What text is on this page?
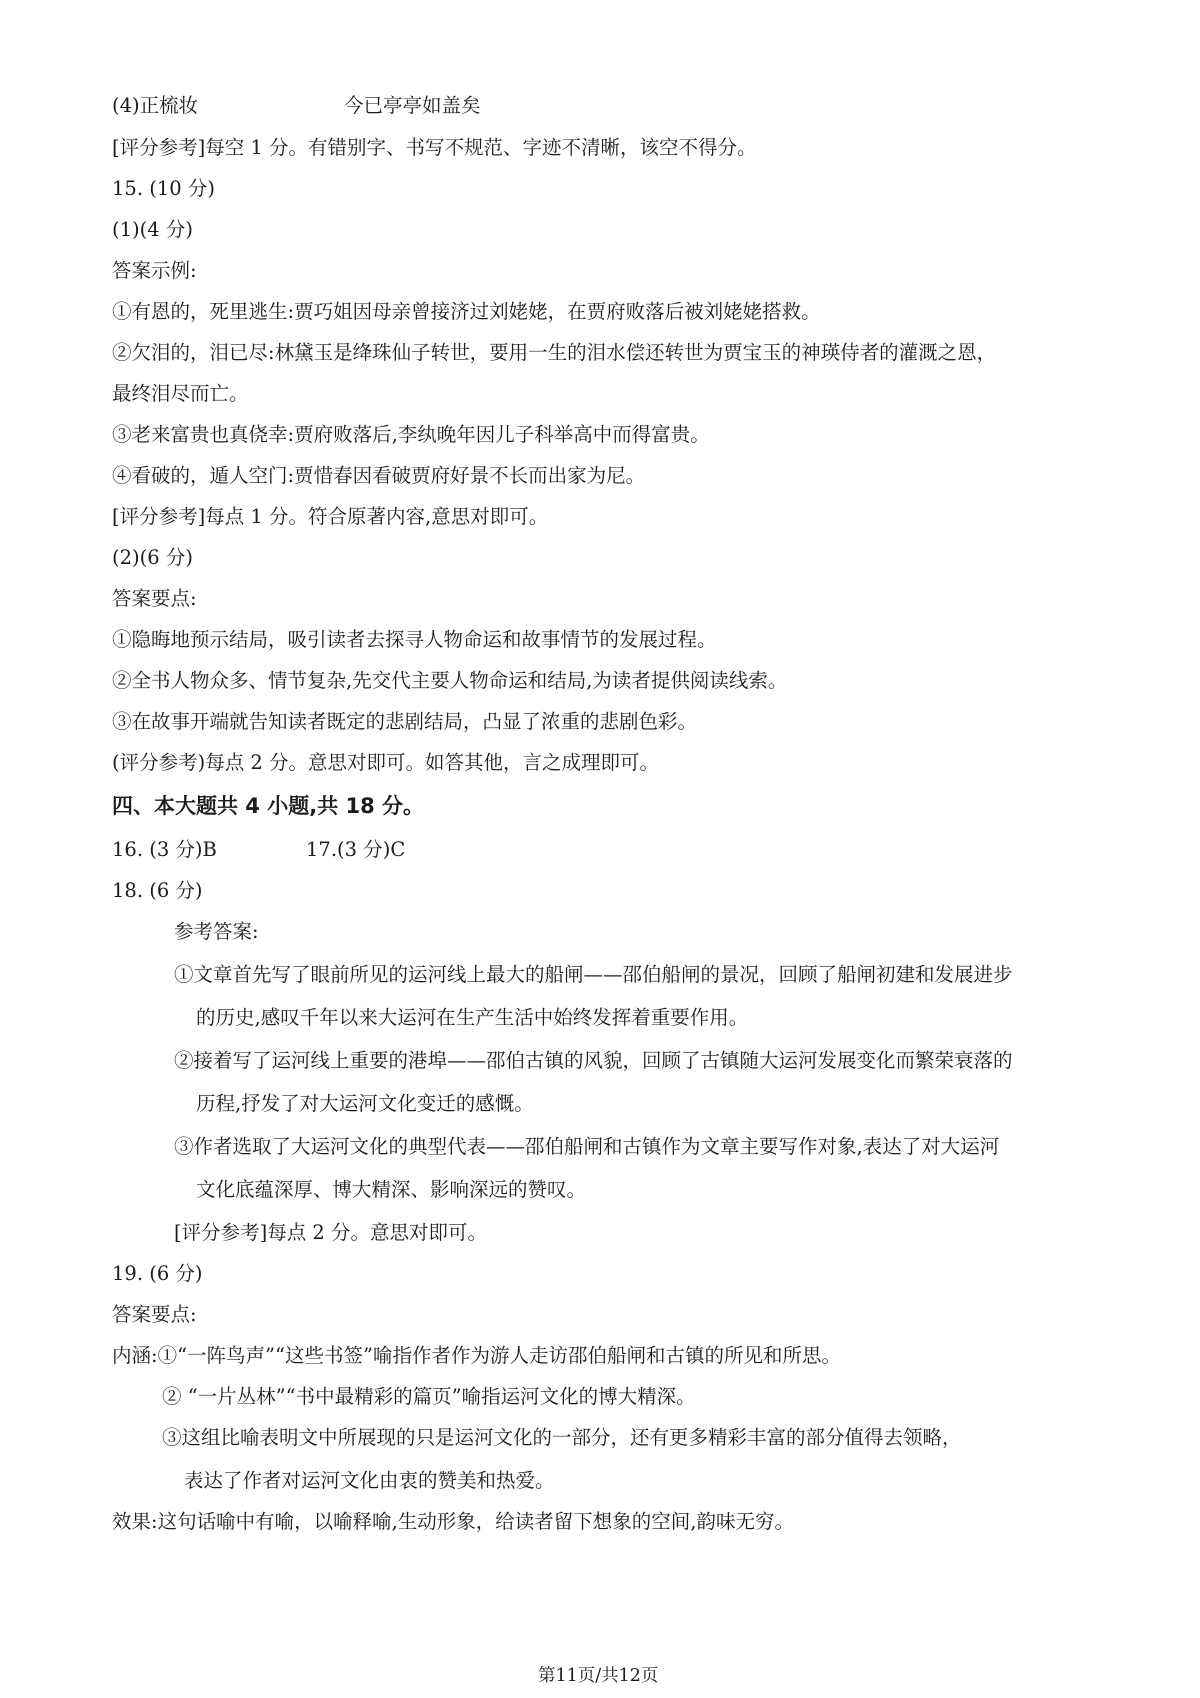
(4)正梳妆	今已亭亭如盖矣
[评分参考]每空 1 分。有错别字、书写不规范、字迹不清晰，该空不得分。
15. (10 分)
(1)(4 分)
答案示例:
①有恩的，死里逃生:贾巧姐因母亲曾接济过刘姥姥，在贾府败落后被刘姥姥搭救。
②欠泪的，泪已尽:林黛玉是绛珠仙子转世，要用一生的泪水偿还转世为贾宝玉的神瑛侍者的灌溉之恩，
最终泪尽而亡。
③老来富贵也真侥幸:贾府败落后,李纨晚年因儿子科举高中而得富贵。
④看破的，遁人空门:贾惜春因看破贾府好景不长而出家为尼。
[评分参考]每点 1 分。符合原著内容,意思对即可。
(2)(6 分)
答案要点:
①隐晦地预示结局，吸引读者去探寻人物命运和故事情节的发展过程。
②全书人物众多、情节复杂,先交代主要人物命运和结局,为读者提供阅读线索。
③在故事开端就告知读者既定的悲剧结局，凸显了浓重的悲剧色彩。
(评分参考)每点 2 分。意思对即可。如答其他，言之成理即可。
四、本大题共 4 小题,共 18 分。
16. (3 分)B	17.(3 分)C
18. (6 分)
参考答案:
①文章首先写了眼前所见的运河线上最大的船闸——邵伯船闸的景况，回顾了船闸初建和发展进步
的历史,感叹千年以来大运河在生产生活中始终发挥着重要作用。
②接着写了运河线上重要的港埠——邵伯古镇的风貌，回顾了古镇随大运河发展变化而繁荣衰落的
历程,抒发了对大运河文化变迁的感慨。
③作者选取了大运河文化的典型代表——邵伯船闸和古镇作为文章主要写作对象,表达了对大运河
文化底蕴深厚、博大精深、影响深远的赞叹。
[评分参考]每点 2 分。意思对即可。
19. (6 分)
答案要点:
内涵:①“一阵鸟声”“这些书签”喻指作者作为游人走访邵伯船闸和古镇的所见和所思。
② “一片丛林”“书中最精彩的篇页”喻指运河文化的博大精深。
③这组比喻表明文中所展现的只是运河文化的一部分，还有更多精彩丰富的部分值得去领略，
表达了作者对运河文化由衷的赞美和热爱。
效果:这句话喻中有喻，以喻释喻,生动形象，给读者留下想象的空间,韵味无穷。
第11页/共12页
